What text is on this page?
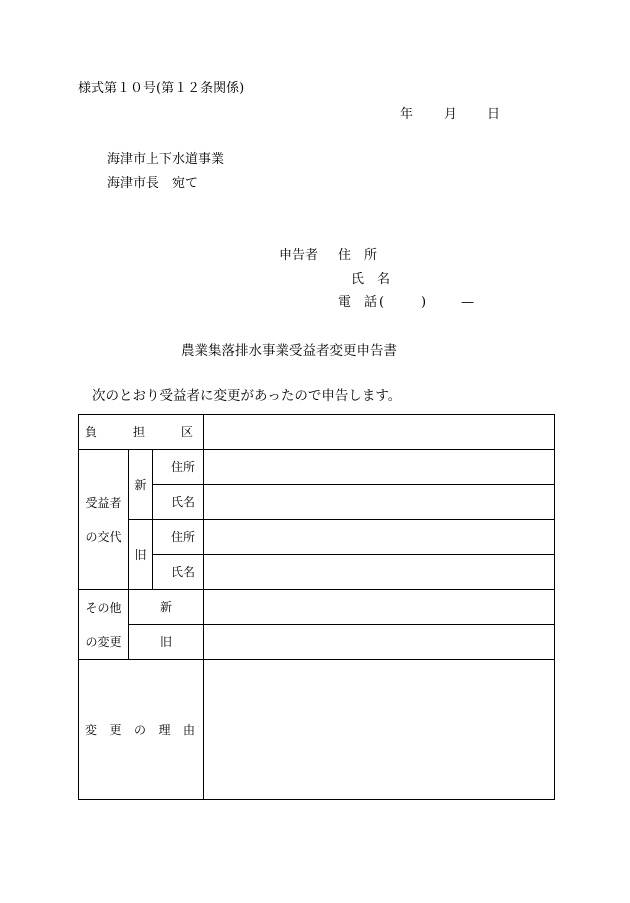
様式第１０号(第１２条関係)
年 月 日
海津市上下水道事業
海津市長　宛て
申告者 住　所
氏　名
電　話 (	)	—
農業集落排水事業受益者変更申告書
次のとおり受益者に変更があったので申告します。
負 担 区			

受益者
の交代	新	住 所	

		氏 名	

	旧	住 所	

		氏 名	

その他
の変更	新		
	旧		

変 更 の 理 由			
